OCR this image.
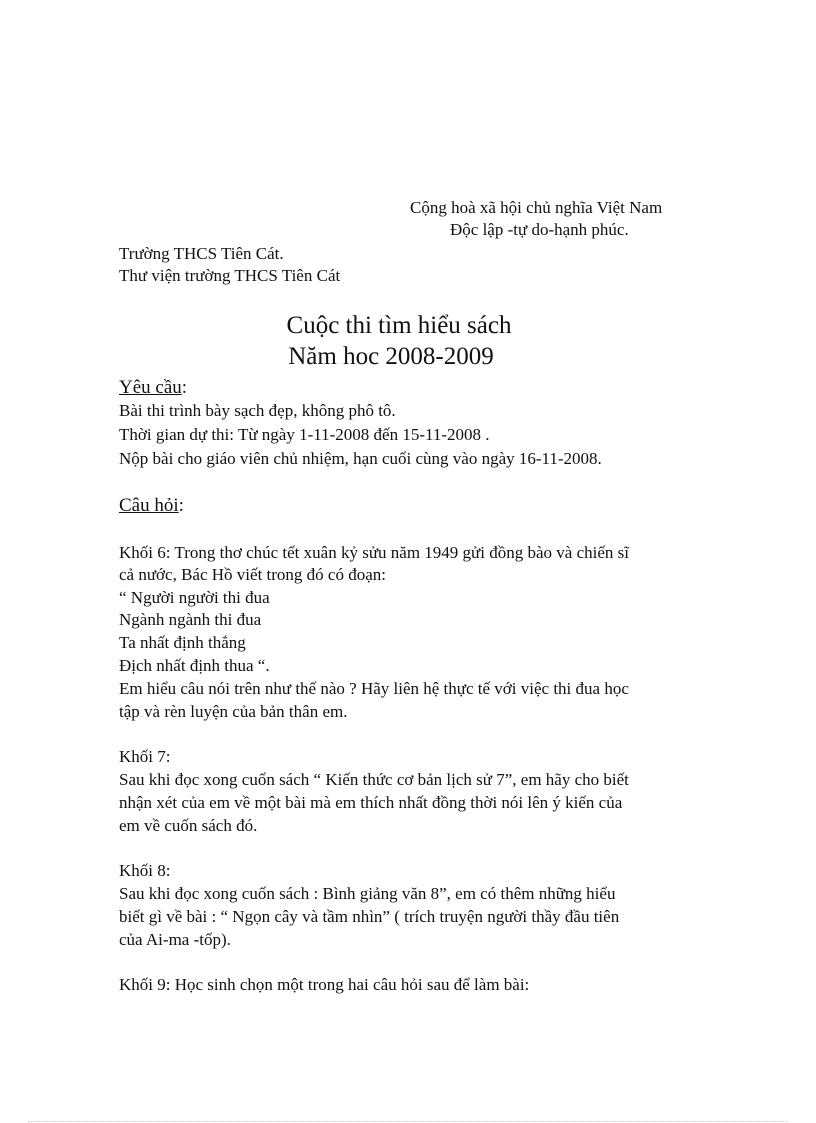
Cộng hoà xã hội chủ nghĩa Việt Nam
Độc lập -tự do-hạnh phúc.
Trường THCS Tiên Cát.
Thư viện trường THCS Tiên Cát
Cuộc thi tìm hiểu sách
Năm hoc 2008-2009
Yêu cầu:
Bài thi trình bày sạch đẹp, không phô tô.
Thời gian dự thi: Từ ngày 1-11-2008 đến 15-11-2008 .
Nộp bài cho giáo viên chủ nhiệm, hạn cuối cùng vào ngày 16-11-2008.
Câu hỏi:
Khối 6: Trong thơ chúc tết xuân kỷ sửu năm 1949 gửi đồng bào và chiến sĩ
cả nước, Bác Hồ viết trong đó có đoạn:
“ Người người thi đua
Ngành ngành thi đua
Ta nhất định thắng
Địch nhất định thua “.
Em hiểu câu nói trên như thế nào ? Hãy liên hệ thực tế với việc thi đua học
tập và rèn luyện của bản thân em.
Khối 7:
Sau khi đọc xong cuốn sách “ Kiến thức cơ bản lịch sử 7”, em hãy cho biết
nhận xét của em về một bài mà em thích nhất đồng thời nói lên ý kiến của
em về cuốn sách đó.
Khối 8:
Sau khi đọc xong cuốn sách : Bình giảng văn 8”, em có thêm những hiểu
biết gì về bài : “ Ngọn cây và tầm nhìn” ( trích truyện người thầy đầu tiên
của Ai-ma -tốp).
Khối 9: Học sinh chọn một trong hai câu hỏi sau để làm bài:
